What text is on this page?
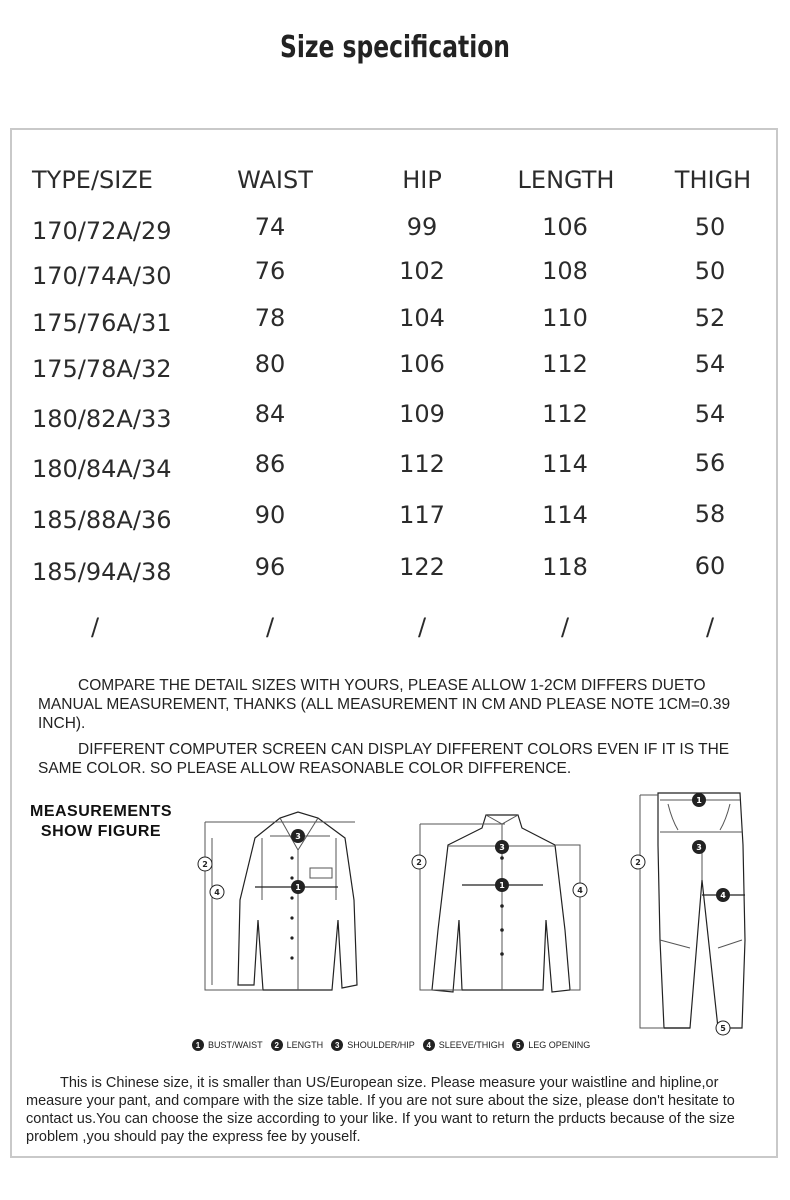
Size specification
TYPE/SIZE	WAIST	HIP	LENGTH	THIGH
170/72A/29	74	99	106	50
170/74A/30	76	102	108	50
175/76A/31	78	104	110	52
175/78A/32	80	106	112	54
180/82A/33	84	109	112	54
180/84A/34	86	112	114	56
185/88A/36	90	117	114	58
185/94A/38	96	122	118	60
/	/	/	/	/

COMPARE THE DETAIL SIZES WITH YOURS, PLEASE ALLOW 1-2CM DIFFERS DUETO MANUAL MEASUREMENT, THANKS (ALL MEASUREMENT IN CM AND PLEASE NOTE 1CM=0.39 INCH).

DIFFERENT COMPUTER SCREEN CAN DISPLAY DIFFERENT COLORS EVEN IF IT IS THE SAME COLOR. SO PLEASE ALLOW REASONABLE COLOR DIFFERENCE.

MEASUREMENTS
SHOW FIGURE
1
3
2
4
3
1
2
4
1
3
2
4
5
1 BUST/WAIST	2 LENGTH	3 SHOULDER/HIP	4 SLEEVE/THIGH	5 LEG OPENING

This is Chinese size, it is smaller than US/European size. Please measure your waistline and hipline,or measure your pant, and compare with the size table. If you are not sure about the size, please don't hesitate to contact us.You can choose the size according to your like. If you want to return the prducts because of the size problem ,you should pay the express fee by youself.
